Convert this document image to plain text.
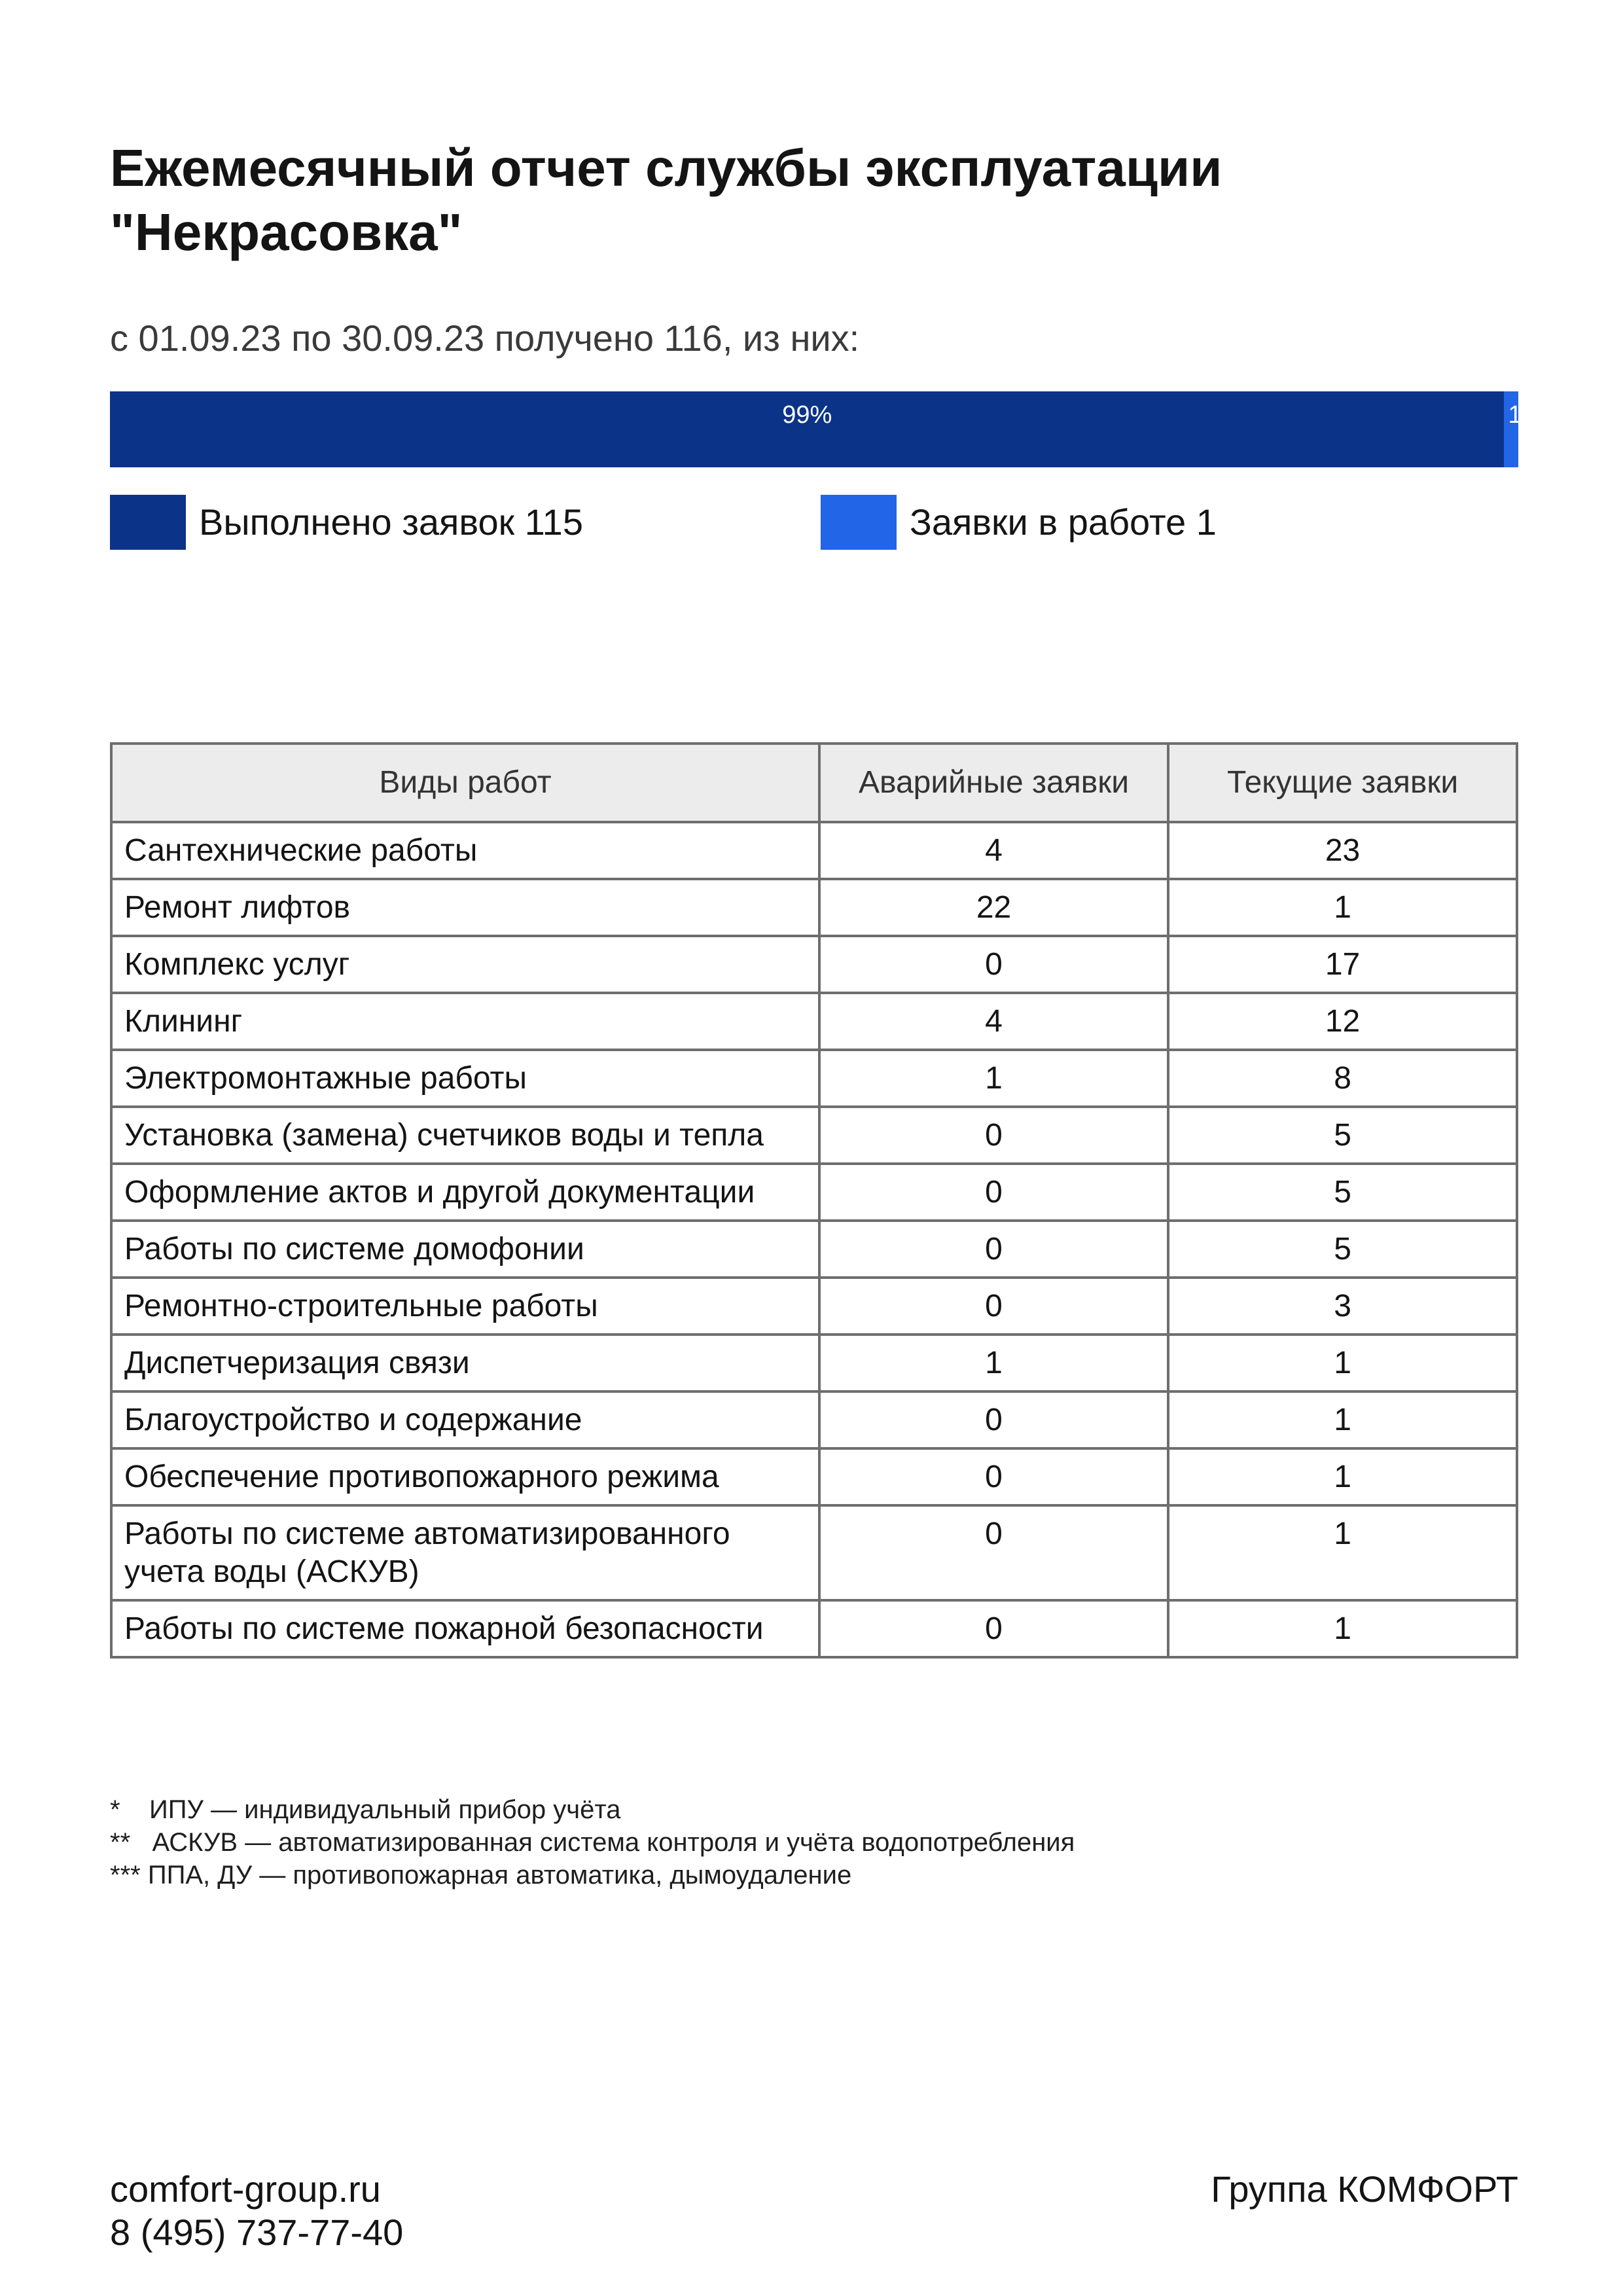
Ежемесячный отчет службы эксплуатации "Некрасовка"

с 01.09.23 по 30.09.23 получено 116, из них:

99%	1%
Выполнено заявок 115	Заявки в работе 1
Виды работ	Аварийные заявки	Текущие заявки
Сантехнические работы	4	23
Ремонт лифтов	22	1
Комплекс услуг	0	17
Клининг	4	12
Электромонтажные работы	1	8
Установка (замена) счетчиков воды и тепла	0	5
Оформление актов и другой документации	0	5
Работы по системе домофонии	0	5
Ремонтно-строительные работы	0	3
Диспетчеризация связи	1	1
Благоустройство и содержание	0	1
Обеспечение противопожарного режима	0	1
Работы по системе автоматизированного учета воды (АСКУВ)	0	1
Работы по системе пожарной безопасности	0	1
* ИПУ — индивидуальный прибор учёта
** АСКУВ — автоматизированная система контроля и учёта водопотребления
*** ППА, ДУ — противопожарная автоматика, дымоудаление
comfort-group.ru
8 (495) 737-77-40
Группа КОМФОРТ
